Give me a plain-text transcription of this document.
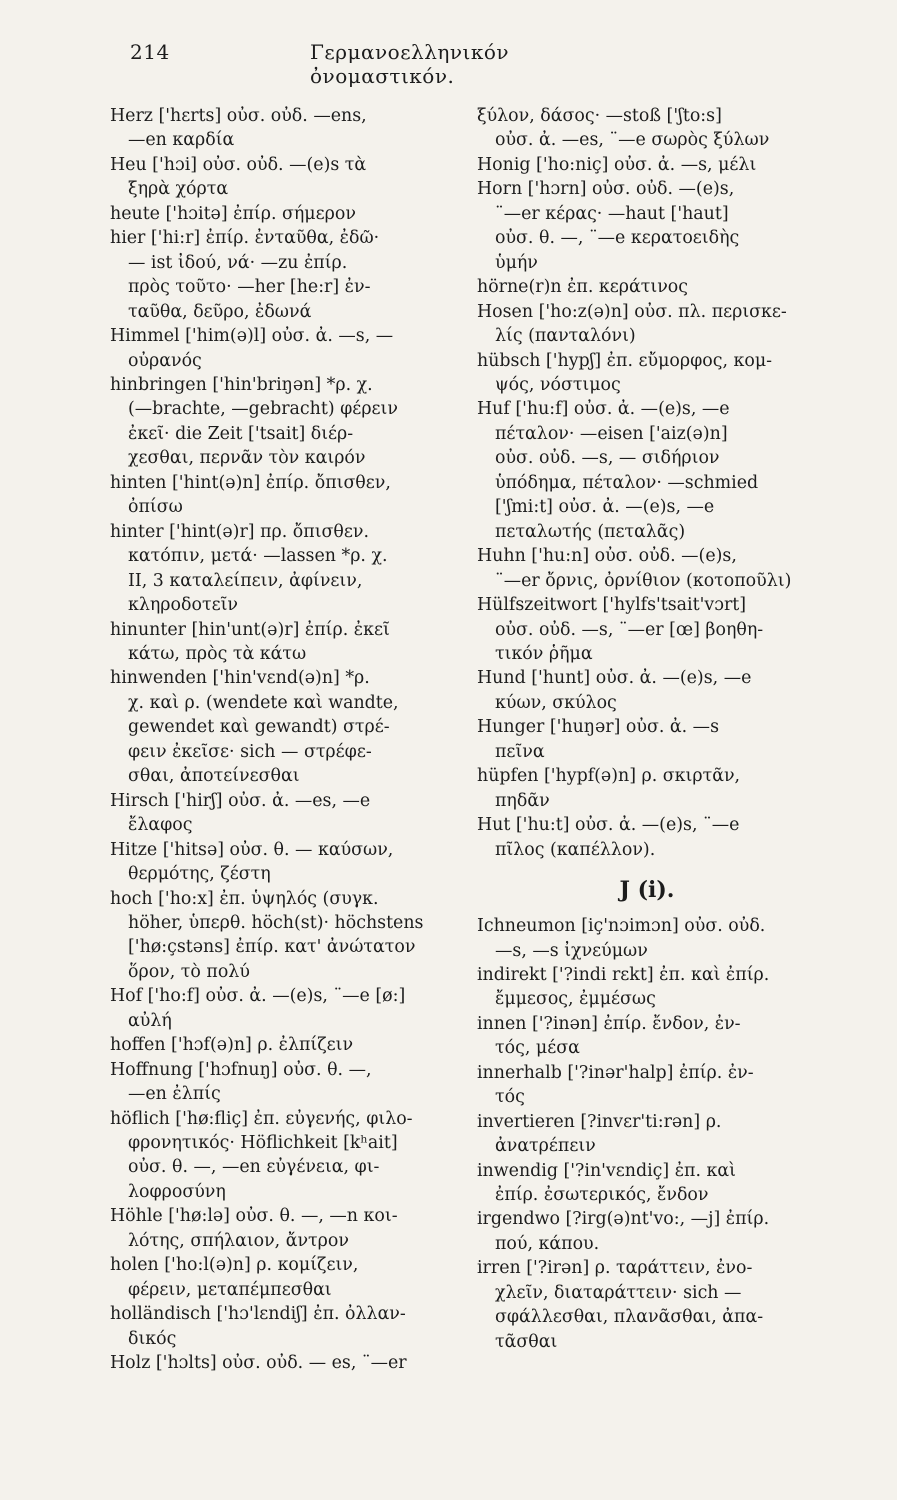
214	Γερμανοελληνικόν ὀνομαστικόν.
Herz ['hɛrts] οὐσ. οὐδ. —ens,
—en καρδία
Heu ['hɔi] οὐσ. οὐδ. —(e)s τὰ
ξηρὰ χόρτα
heute ['hɔitə] ἐπίρ. σήμερον
hier ['hi:r] ἐπίρ. ἐνταῦθα, ἐδῶ·
— ist ἰδού, νά· —zu ἐπίρ.
πρὸς τοῦτο· —her [he:r] ἐν-
ταῦθα, δεῦρο, ἐδωνά
Himmel ['him(ə)l] οὐσ. ἀ. —s, —
οὐρανός
hinbringen ['hin'briŋən] *ρ. χ.
(—brachte, —gebracht) φέρειν
ἐκεῖ· die Zeit ['tsait] διέρ-
χεσθαι, περνᾶν τὸν καιρόν
hinten ['hint(ə)n] ἐπίρ. ὄπισθεν,
ὀπίσω
hinter ['hint(ə)r] πρ. ὄπισθεν.
κατόπιν, μετά· —lassen *ρ. χ.
II, 3 καταλείπειν, ἀφίνειν,
κληροδοτεῖν
hinunter [hin'unt(ə)r] ἐπίρ. ἐκεῖ
κάτω, πρὸς τὰ κάτω
hinwenden ['hin'vɛnd(ə)n] *ρ.
χ. καὶ ρ. (wendete καὶ wandte,
gewendet καὶ gewandt) στρέ-
φειν ἐκεῖσε· sich — στρέφε-
σθαι, ἀποτείνεσθαι
Hirsch ['hirʃ] οὐσ. ἀ. —es, —e
ἔλαφος
Hitze ['hitsə] οὐσ. θ. — καύσων,
θερμότης, ζέστη
hoch ['ho:x] ἐπ. ὑψηλός (συγκ.
höher, ὑπερθ. höch(st)· höchstens
['hø:çstəns] ἐπίρ. κατ' ἀνώτατον
ὅρον, τὸ πολύ
Hof ['ho:f] οὐσ. ἀ. —(e)s, ¨—e [ø:]
αὐλή
hoffen ['hɔf(ə)n] ρ. ἐλπίζειν
Hoffnung ['hɔfnuŋ] οὐσ. θ. —,
—en ἐλπίς
höflich ['hø:fliç] ἐπ. εὐγενής, φιλο-
φρονητικός· Höflichkeit [kʰait]
οὐσ. θ. —, —en εὐγένεια, φι-
λοφροσύνη
Höhle ['hø:lə] οὐσ. θ. —, —n κοι-
λότης, σπήλαιον, ἄντρον
holen ['ho:l(ə)n] ρ. κομίζειν,
φέρειν, μεταπέμπεσθαι
holländisch ['hɔ'lɛndiʃ] ἐπ. ὀλλαν-
δικός
Holz ['hɔlts] οὐσ. οὐδ. — es, ¨—er
ξύλον, δάσος· —stoß ['ʃto:s]
οὐσ. ἀ. —es, ¨—e σωρὸς ξύλων
Honig ['ho:niç] οὐσ. ἀ. —s, μέλι
Horn ['hɔrn] οὐσ. οὐδ. —(e)s,
¨—er κέρας· —haut ['haut]
οὐσ. θ. —, ¨—e κερατοειδὴς
ὑμήν
hörne(r)n ἐπ. κεράτινος
Hosen ['ho:z(ə)n] οὐσ. πλ. περισκε-
λίς (πανταλόνι)
hübsch ['hypʃ] ἐπ. εὔμορφος, κομ-
ψός, νόστιμος
Huf ['hu:f] οὐσ. ἀ. —(e)s, —e
πέταλον· —eisen ['aiz(ə)n]
οὐσ. οὐδ. —s, — σιδήριον
ὑπόδημα, πέταλον· —schmied
['ʃmi:t] οὐσ. ἀ. —(e)s, —e
πεταλωτής (πεταλᾶς)
Huhn ['hu:n] οὐσ. οὐδ. —(e)s,
¨—er ὄρνις, ὀρνίθιον (κοτοποῦλι)
Hülfszeitwort ['hylfs'tsait'vɔrt]
οὐσ. οὐδ. —s, ¨—er [œ] βοηθη-
τικόν ῥῆμα
Hund ['hunt] οὐσ. ἀ. —(e)s, —e
κύων, σκύλος
Hunger ['huŋər] οὐσ. ἀ. —s
πεῖνα
hüpfen ['hypf(ə)n] ρ. σκιρτᾶν,
πηδᾶν
Hut ['hu:t] οὐσ. ἀ. —(e)s, ¨—e
πῖλος (καπέλλον).
J (i).
Ichneumon [iç'nɔimɔn] οὐσ. οὐδ.
—s, —s ἰχνεύμων
indirekt ['?indi rɛkt] ἐπ. καὶ ἐπίρ.
ἔμμεσος, ἐμμέσως
innen ['?inən] ἐπίρ. ἔνδον, ἐν-
τός, μέσα
innerhalb ['?inər'halp] ἐπίρ. ἐν-
τός
invertieren [?invɛr'ti:rən] ρ.
ἀνατρέπειν
inwendig ['?in'vɛndiç] ἐπ. καὶ
ἐπίρ. ἐσωτερικός, ἔνδον
irgendwo [?irg(ə)nt'vo:, —j] ἐπίρ.
πού, κάπου.
irren ['?irən] ρ. ταράττειν, ἐνο-
χλεῖν, διαταράττειν· sich —
σφάλλεσθαι, πλανᾶσθαι, ἀπα-
τᾶσθαι
